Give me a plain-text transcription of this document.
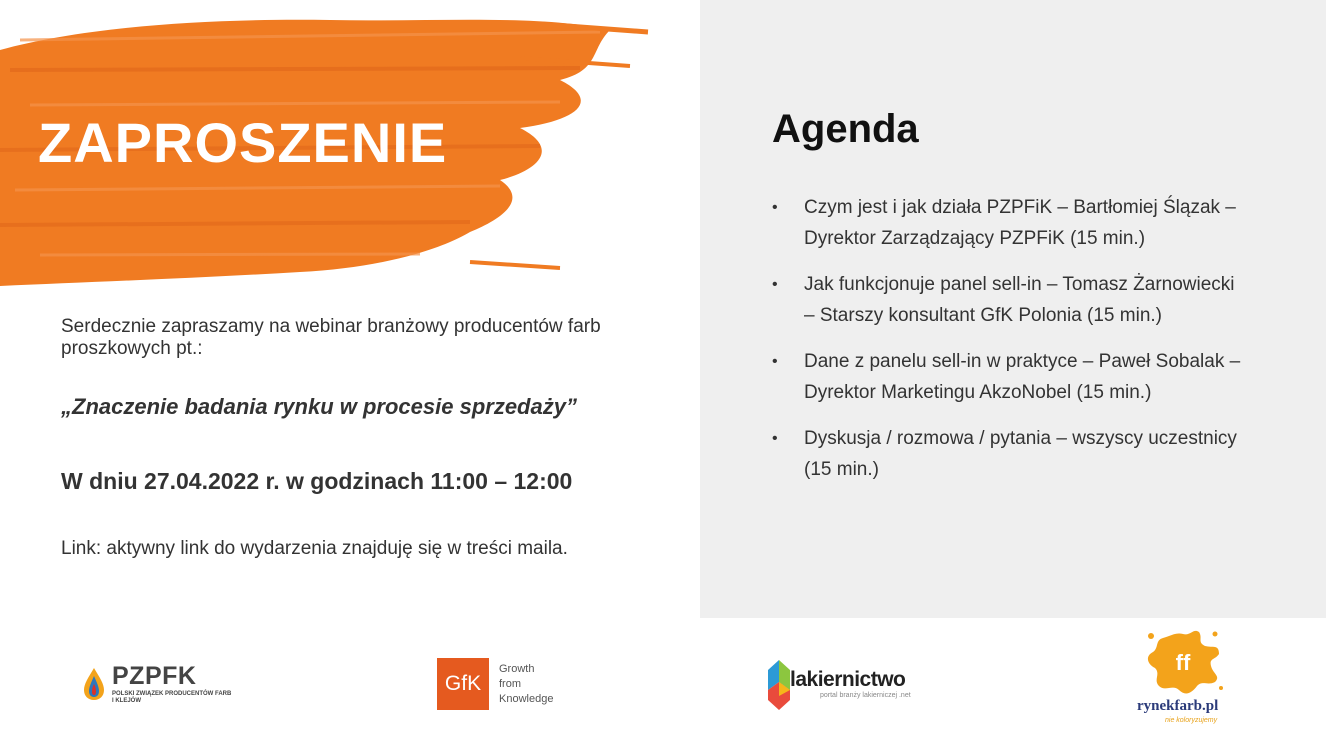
ZAPROSZENIE
Serdecznie zapraszamy na webinar branżowy producentów farb proszkowych pt.:
„Znaczenie badania rynku w procesie sprzedaży”
W dniu 27.04.2022 r. w godzinach 11:00 – 12:00
Link: aktywny link do wydarzenia znajduję się w treści maila.
Agenda
• Czym jest i jak działa PZPFiK – Bartłomiej Ślązak – Dyrektor Zarządzający PZPFiK (15 min.)
• Jak funkcjonuje panel sell-in – Tomasz Żarnowiecki – Starszy konsultant GfK Polonia (15 min.)
• Dane z panelu sell-in w praktyce – Paweł Sobalak – Dyrektor Marketingu AkzoNobel (15 min.)
• Dyskusja / rozmowa / pytania – wszyscy uczestnicy (15 min.)
PZPFK
POLSKI ZWIĄZEK PRODUCENTÓW FARB I KLEJÓW
GfK
Growth
from
Knowledge
lakiernictwo
portal branży lakierniczej .net
ff
rynekfarb.pl
nie koloryzujemy
